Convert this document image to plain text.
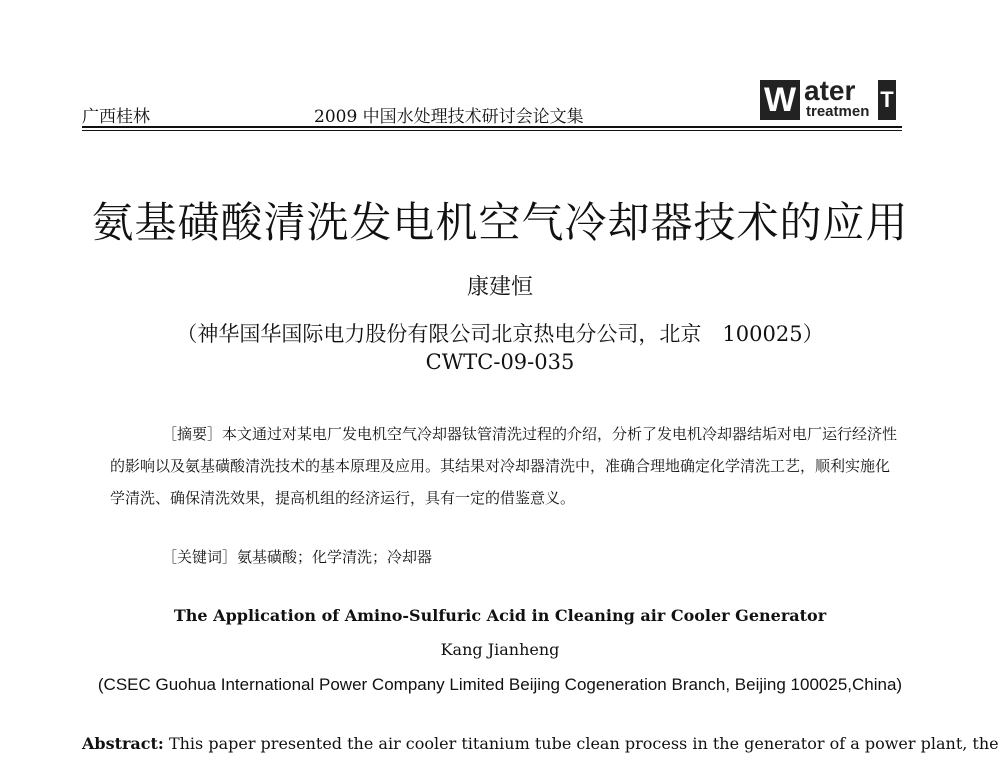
广西桂林	2009 中国水处理技术研讨会论文集	W ater
treatmen T
氨基磺酸清洗发电机空气冷却器技术的应用
康建恒
（神华国华国际电力股份有限公司北京热电分公司，北京　100025）
CWTC-09-035
［摘要］本文通过对某电厂发电机空气冷却器钛管清洗过程的介绍，分析了发电机冷却器结垢对电厂运行经济性的影响以及氨基磺酸清洗技术的基本原理及应用。其结果对冷却器清洗中，准确合理地确定化学清洗工艺，顺利实施化学清洗、确保清洗效果，提高机组的经济运行，具有一定的借鉴意义。
［关键词］氨基磺酸；化学清洗；冷却器
The Application of Amino-Sulfuric Acid in Cleaning air Cooler Generator
Kang Jianheng
(CSEC Guohua International Power Company Limited Beijing Cogeneration Branch, Beijing 100025,China)
Abstract: This paper presented the air cooler titanium tube clean process in the generator of a power plant, the
